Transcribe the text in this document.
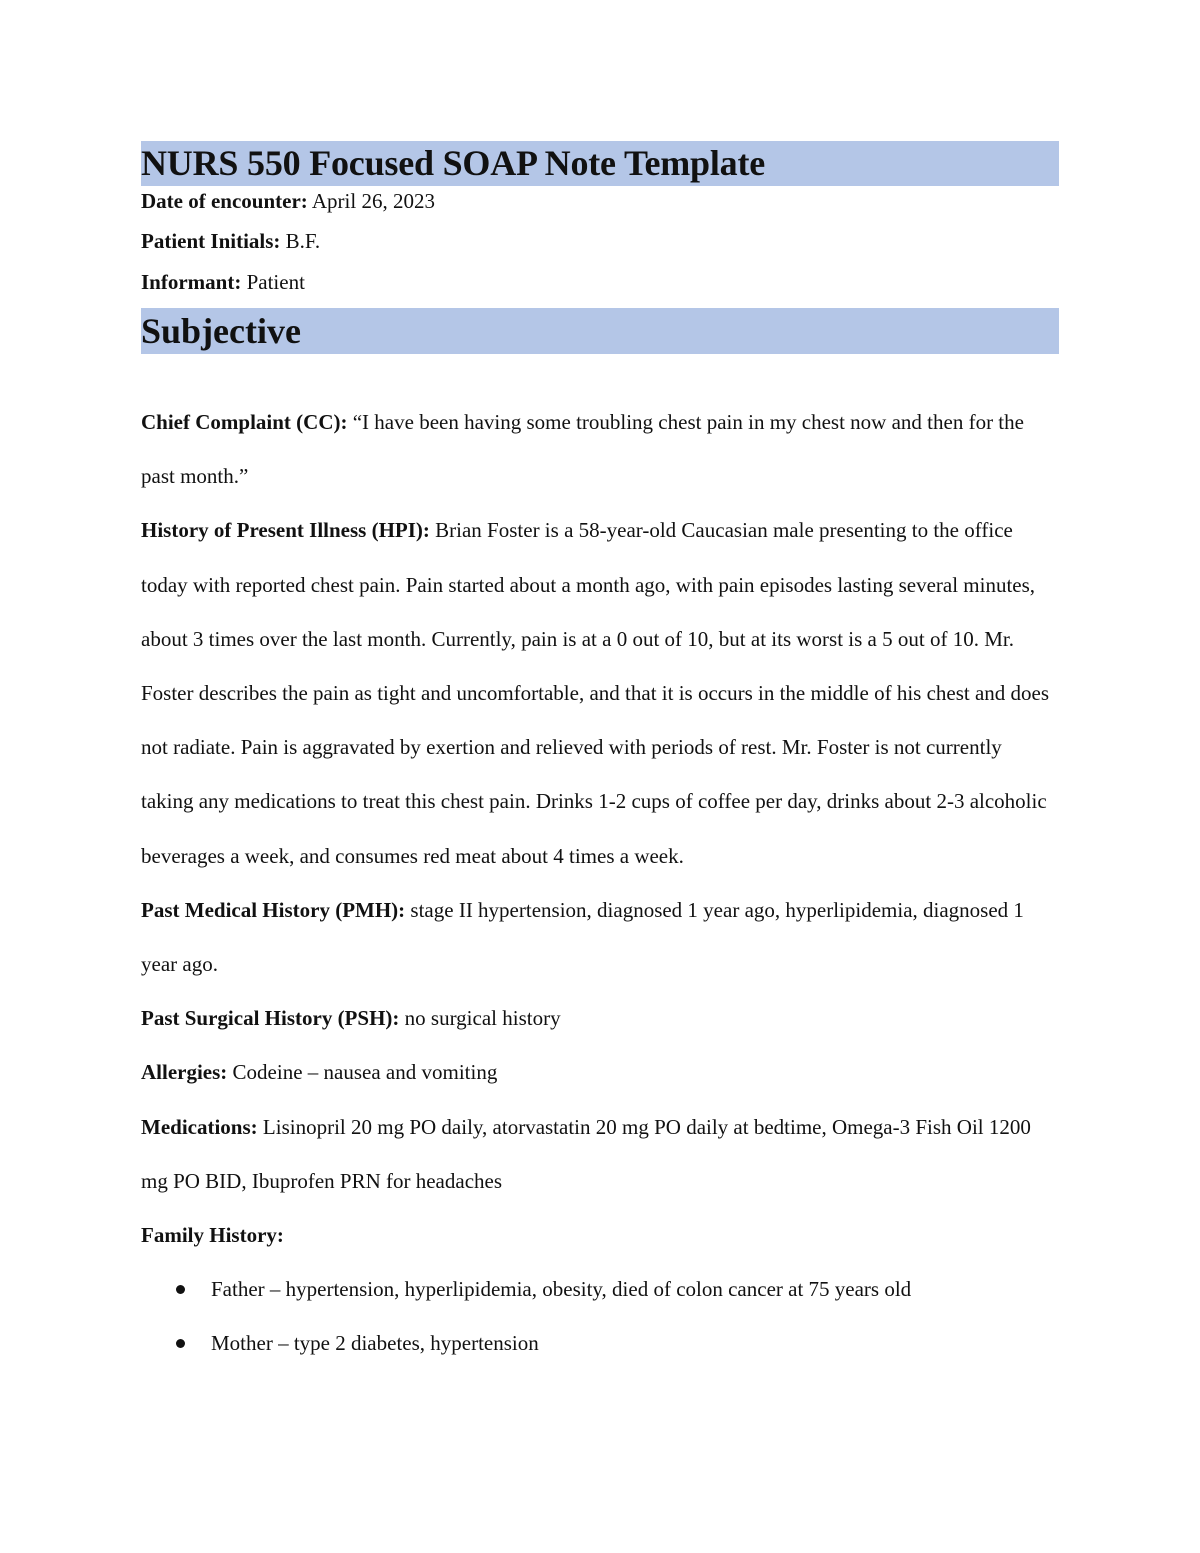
NURS 550 Focused SOAP Note Template
Date of encounter: April 26, 2023
Patient Initials: B.F.
Informant: Patient
Subjective

Chief Complaint (CC): “I have been having some troubling chest pain in my chest now and then for the past month.”

History of Present Illness (HPI): Brian Foster is a 58-year-old Caucasian male presenting to the office today with reported chest pain. Pain started about a month ago, with pain episodes lasting several minutes, about 3 times over the last month. Currently, pain is at a 0 out of 10, but at its worst is a 5 out of 10. Mr. Foster describes the pain as tight and uncomfortable, and that it is occurs in the middle of his chest and does not radiate. Pain is aggravated by exertion and relieved with periods of rest. Mr. Foster is not currently taking any medications to treat this chest pain. Drinks 1-2 cups of coffee per day, drinks about 2-3 alcoholic beverages a week, and consumes red meat about 4 times a week.

Past Medical History (PMH): stage II hypertension, diagnosed 1 year ago, hyperlipidemia, diagnosed 1 year ago.

Past Surgical History (PSH): no surgical history

Allergies: Codeine – nausea and vomiting

Medications: Lisinopril 20 mg PO daily, atorvastatin 20 mg PO daily at bedtime, Omega-3 Fish Oil 1200 mg PO BID, Ibuprofen PRN for headaches

Family History:

Father – hypertension, hyperlipidemia, obesity, died of colon cancer at 75 years old
Mother – type 2 diabetes, hypertension
